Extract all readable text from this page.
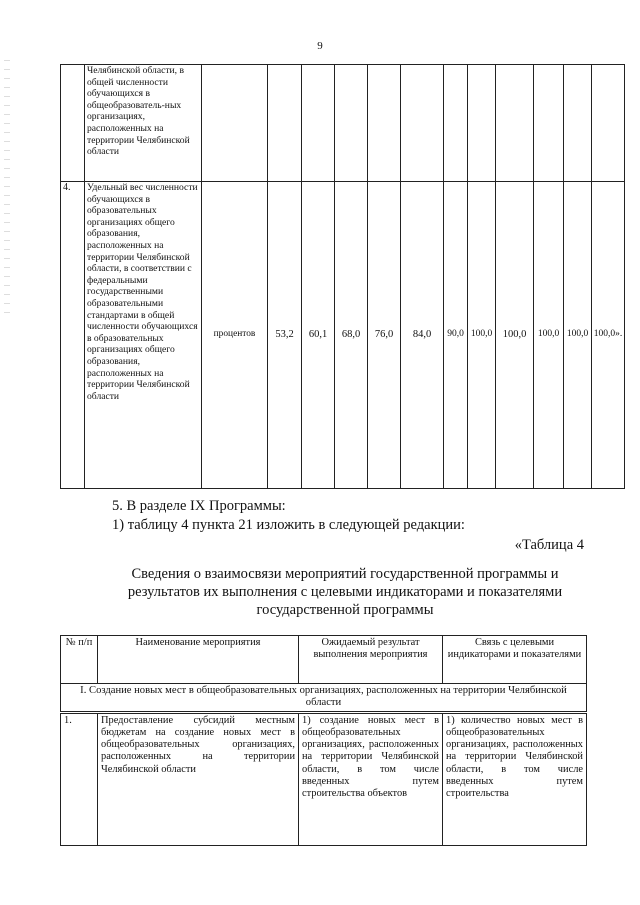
9
	Челябинской области, в общей численности обучающихся в общеобразователь-ных организациях, расположенных на территории Челябинской области												
4.	Удельный вес численности обучающихся в образовательных организациях общего образования, расположенных на территории Челябинской области, в соответствии с федеральными государственными образовательными стандартами в общей численности обучающихся в образовательных организациях общего образования, расположенных на территории Челябинской области	процентов	53,2	60,1	68,0	76,0	84,0	90,0	100,0	100,0	100,0	100,0	100,0».
5. В разделе IX Программы:
1) таблицу 4 пункта 21 изложить в следующей редакции:
«Таблица 4
Сведения о взаимосвязи мероприятий государственной программы и
результатов их выполнения с целевыми индикаторами и показателями
государственной программы
№ п/п	Наименование мероприятия	Ожидаемый результат выполнения мероприятия	Связь с целевыми индикаторами и показателями
I. Создание новых мест в общеобразовательных организациях, расположенных на территории Челябинской области			
1.	Предоставление субсидий местным бюджетам на создание новых мест в общеобразовательных организациях, расположенных на территории Челябинской области	1) создание новых мест в общеобразовательных организациях, расположенных на территории Челябинской области, в том числе введенных путем строительства объектов	1) количество новых мест в общеобразовательных организациях, расположенных на территории Челябинской области, в том числе введенных путем строительства
